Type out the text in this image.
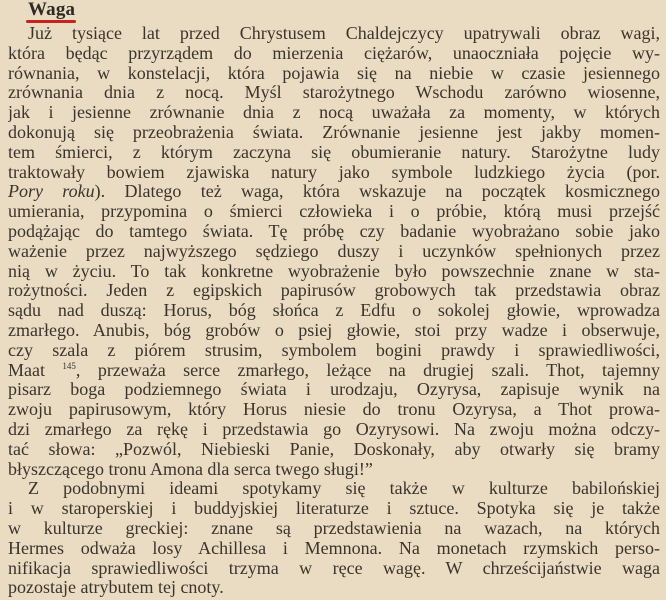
Waga
Już tysiące lat przed Chrystusem Chaldejczycy upatrywali obraz wagi,
która będąc przyrządem do mierzenia ciężarów, unaoczniała pojęcie wy-
równania, w konstelacji, która pojawia się na niebie w czasie jesiennego
zrównania dnia z nocą. Myśl starożytnego Wschodu zarówno wiosenne,
jak i jesienne zrównanie dnia z nocą uważała za momenty, w których
dokonują się przeobrażenia świata. Zrównanie jesienne jest jakby momen-
tem śmierci, z którym zaczyna się obumieranie natury. Starożytne ludy
traktowały bowiem zjawiska natury jako symbole ludzkiego życia (por.
Pory roku). Dlatego też waga, która wskazuje na początek kosmicznego
umierania, przypomina o śmierci człowieka i o próbie, którą musi przejść
podążając do tamtego świata. Tę próbę czy badanie wyobrażano sobie jako
ważenie przez najwyższego sędziego duszy i uczynków spełnionych przez
nią w życiu. To tak konkretne wyobrażenie było powszechnie znane w sta-
rożytności. Jeden z egipskich papirusów grobowych tak przedstawia obraz
sądu nad duszą: Horus, bóg słońca z Edfu o sokolej głowie, wprowadza
zmarłego. Anubis, bóg grobów o psiej głowie, stoi przy wadze i obserwuje,
czy szala z piórem strusim, symbolem bogini prawdy i sprawiedliwości,
Maat $^{145}$, przeważa serce zmarłego, leżące na drugiej szali. Thot, tajemny
pisarz boga podziemnego świata i urodzaju, Ozyrysa, zapisuje wynik na
zwoju papirusowym, który Horus niesie do tronu Ozyrysa, a Thot prowa-
dzi zmarłego za rękę i przedstawia go Ozyrysowi. Na zwoju można odczy-
tać słowa: „Pozwól, Niebieski Panie, Doskonały, aby otwarły się bramy
błyszczącego tronu Amona dla serca twego sługi!”
Z podobnymi ideami spotykamy się także w kulturze babilońskiej
i w staroperskiej i buddyjskiej literaturze i sztuce. Spotyka się je także
w kulturze greckiej: znane są przedstawienia na wazach, na których
Hermes odważa losy Achillesa i Memnona. Na monetach rzymskich perso-
nifikacja sprawiedliwości trzyma w ręce wagę. W chrześcijaństwie waga
pozostaje atrybutem tej cnoty.
